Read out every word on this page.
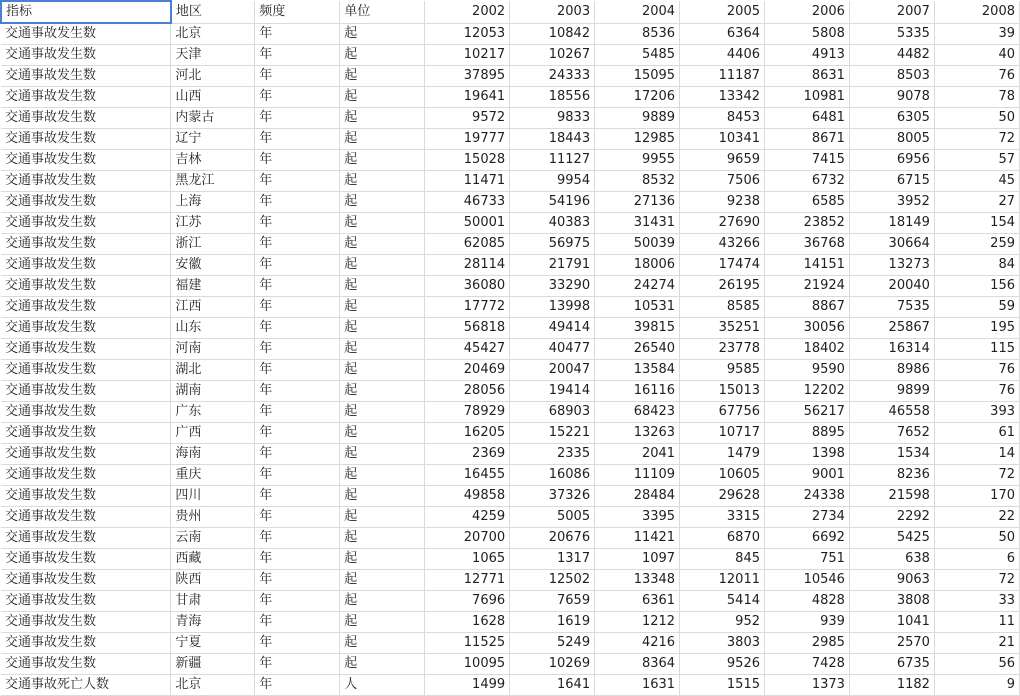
指标	地区	频度	单位	2002	2003	2004	2005	2006	2007	2008
交通事故发生数	北京	年	起	12053	10842	8536	6364	5808	5335	39
交通事故发生数	天津	年	起	10217	10267	5485	4406	4913	4482	40
交通事故发生数	河北	年	起	37895	24333	15095	11187	8631	8503	76
交通事故发生数	山西	年	起	19641	18556	17206	13342	10981	9078	78
交通事故发生数	内蒙古	年	起	9572	9833	9889	8453	6481	6305	50
交通事故发生数	辽宁	年	起	19777	18443	12985	10341	8671	8005	72
交通事故发生数	吉林	年	起	15028	11127	9955	9659	7415	6956	57
交通事故发生数	黑龙江	年	起	11471	9954	8532	7506	6732	6715	45
交通事故发生数	上海	年	起	46733	54196	27136	9238	6585	3952	27
交通事故发生数	江苏	年	起	50001	40383	31431	27690	23852	18149	154
交通事故发生数	浙江	年	起	62085	56975	50039	43266	36768	30664	259
交通事故发生数	安徽	年	起	28114	21791	18006	17474	14151	13273	84
交通事故发生数	福建	年	起	36080	33290	24274	26195	21924	20040	156
交通事故发生数	江西	年	起	17772	13998	10531	8585	8867	7535	59
交通事故发生数	山东	年	起	56818	49414	39815	35251	30056	25867	195
交通事故发生数	河南	年	起	45427	40477	26540	23778	18402	16314	115
交通事故发生数	湖北	年	起	20469	20047	13584	9585	9590	8986	76
交通事故发生数	湖南	年	起	28056	19414	16116	15013	12202	9899	76
交通事故发生数	广东	年	起	78929	68903	68423	67756	56217	46558	393
交通事故发生数	广西	年	起	16205	15221	13263	10717	8895	7652	61
交通事故发生数	海南	年	起	2369	2335	2041	1479	1398	1534	14
交通事故发生数	重庆	年	起	16455	16086	11109	10605	9001	8236	72
交通事故发生数	四川	年	起	49858	37326	28484	29628	24338	21598	170
交通事故发生数	贵州	年	起	4259	5005	3395	3315	2734	2292	22
交通事故发生数	云南	年	起	20700	20676	11421	6870	6692	5425	50
交通事故发生数	西藏	年	起	1065	1317	1097	845	751	638	6
交通事故发生数	陕西	年	起	12771	12502	13348	12011	10546	9063	72
交通事故发生数	甘肃	年	起	7696	7659	6361	5414	4828	3808	33
交通事故发生数	青海	年	起	1628	1619	1212	952	939	1041	11
交通事故发生数	宁夏	年	起	11525	5249	4216	3803	2985	2570	21
交通事故发生数	新疆	年	起	10095	10269	8364	9526	7428	6735	56
交通事故死亡人数	北京	年	人	1499	1641	1631	1515	1373	1182	9
